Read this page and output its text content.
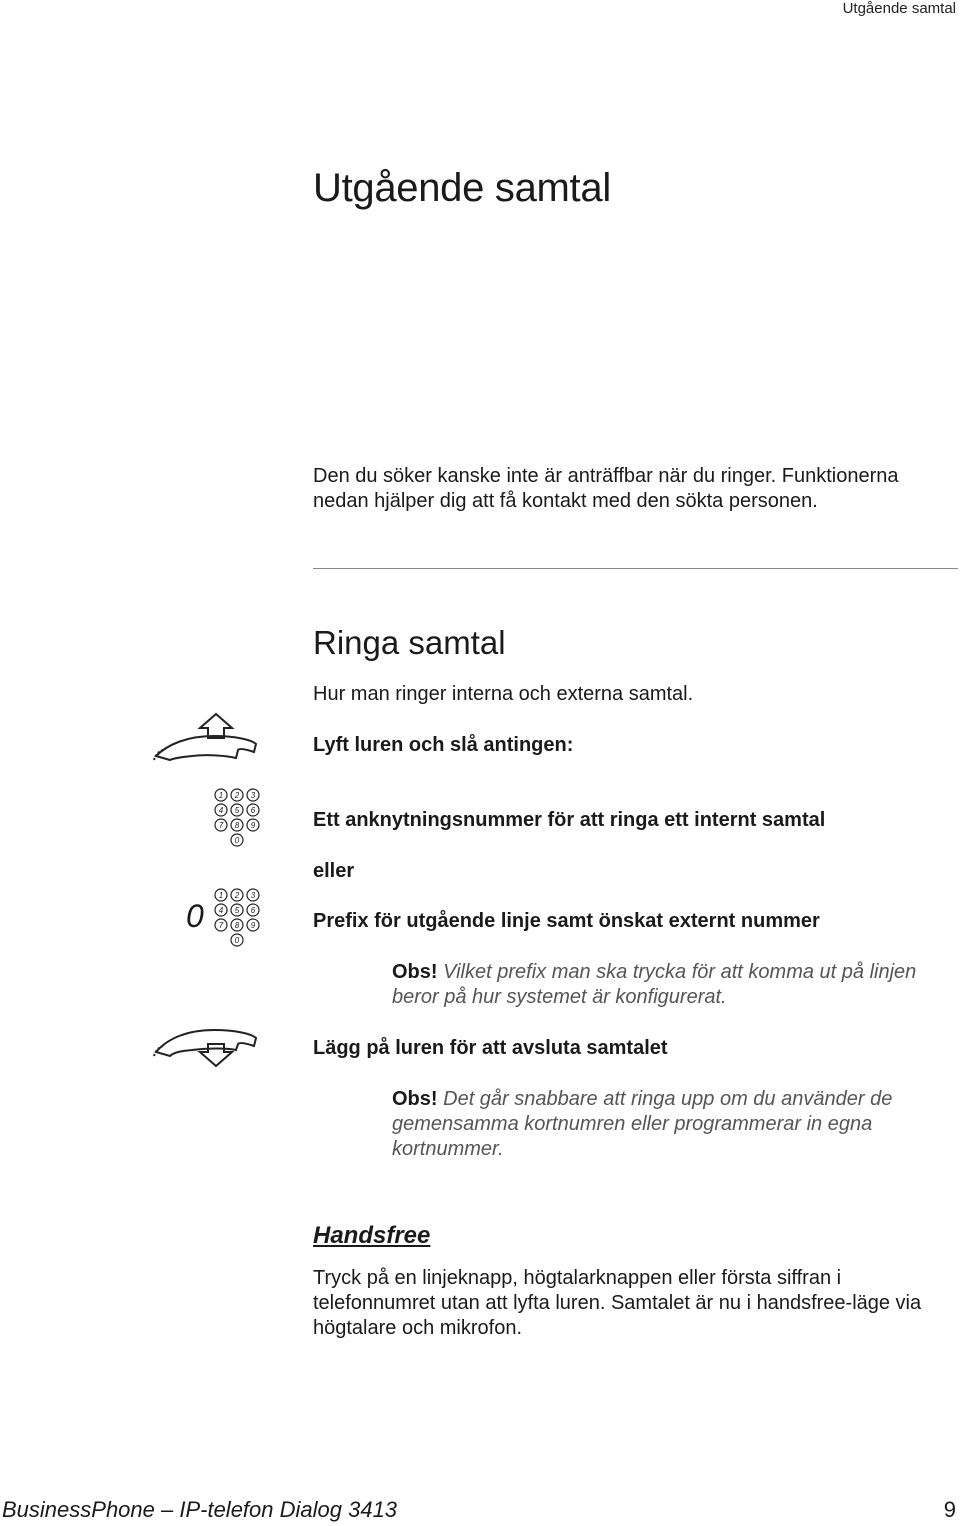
Utgående samtal
Utgående samtal

Den du söker kanske inte är anträffbar när du ringer. Funktionerna nedan hjälper dig att få kontakt med den sökta personen.

Ringa samtal
Hur man ringer interna och externa samtal.
Lyft luren och slå antingen:
1 2 3
4 5 6
7 8 9
0
Ett anknytningsnummer för att ringa ett internt samtal
eller
0
1 2 3
4 5 6
7 8 9
0
Prefix för utgående linje samt önskat externt nummer
Obs! Vilket prefix man ska trycka för att komma ut på linjen beror på hur systemet är konfigurerat.
Lägg på luren för att avsluta samtalet
Obs! Det går snabbare att ringa upp om du använder de gemensamma kortnumren eller programmerar in egna kortnummer.
Handsfree

Tryck på en linjeknapp, högtalarknappen eller första siffran i telefonnumret utan att lyfta luren. Samtalet är nu i handsfree-läge via högtalare och mikrofon.

BusinessPhone – IP-telefon Dialog 3413	9
